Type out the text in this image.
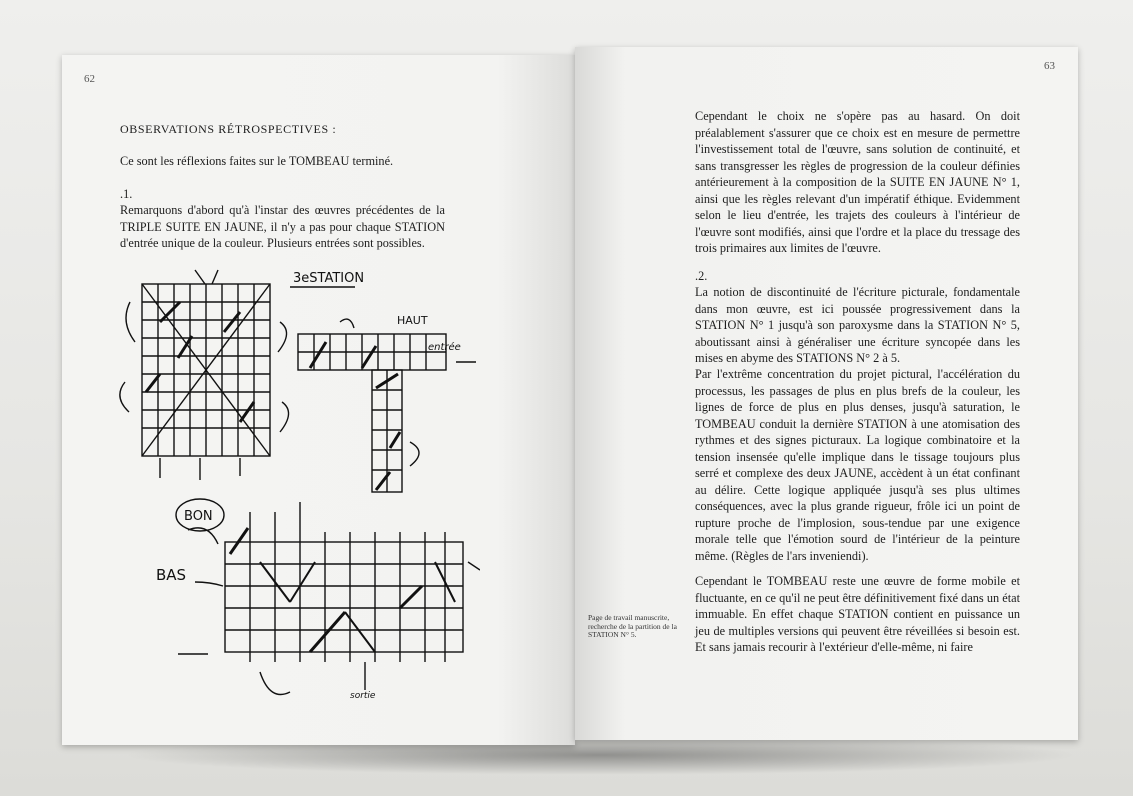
62
OBSERVATIONS RÉTROSPECTIVES :
Ce sont les réflexions faites sur le TOMBEAU terminé.
.1.
Remarquons d'abord qu'à l'instar des œuvres précédentes de la TRIPLE SUITE EN JAUNE, il n'y a pas pour chaque STATION d'entrée unique de la couleur. Plusieurs entrées sont possibles.
3eSTATION
HAUT
entrée
BON
BAS
sortie
63
Cependant le choix ne s'opère pas au hasard. On doit préalablement s'assurer que ce choix est en mesure de permettre l'investissement total de l'œuvre, sans solution de continuité, et sans transgresser les règles de progression de la couleur définies antérieurement à la composition de la SUITE EN JAUNE N° 1, ainsi que les règles relevant d'un impératif éthique. Evidemment selon le lieu d'entrée, les trajets des couleurs à l'intérieur de l'œuvre sont modifiés, ainsi que l'ordre et la place du tressage des trois primaires aux limites de l'œuvre.
.2.
La notion de discontinuité de l'écriture picturale, fondamentale dans mon œuvre, est ici poussée progressivement dans la STATION N° 1 jusqu'à son paroxysme dans la STATION N° 5, aboutissant ainsi à généraliser une écriture syncopée dans les mises en abyme des STATIONS N° 2 à 5.
Par l'extrême concentration du projet pictural, l'accélération du processus, les passages de plus en plus brefs de la couleur, les lignes de force de plus en plus denses, jusqu'à saturation, le TOMBEAU conduit la dernière STATION à une atomisation des rythmes et des signes picturaux. La logique combinatoire et la tension insensée qu'elle implique dans le tissage toujours plus serré et complexe des deux JAUNE, accèdent à un état confinant au délire. Cette logique appliquée jusqu'à ses plus ultimes conséquences, avec la plus grande rigueur, frôle ici un point de rupture proche de l'implosion, sous-tendue par une exigence morale telle que l'émotion sourd de l'intérieur de la peinture même. (Règles de l'ars inveniendi).
Cependant le TOMBEAU reste une œuvre de forme mobile et fluctuante, en ce qu'il ne peut être définitivement fixé dans un état immuable. En effet chaque STATION contient en puissance un jeu de multiples versions qui peuvent être réveillées si besoin est. Et sans jamais recourir à l'extérieur d'elle-même, ni faire
Page de travail manuscrite, recherche de la partition de la STATION N° 5.
